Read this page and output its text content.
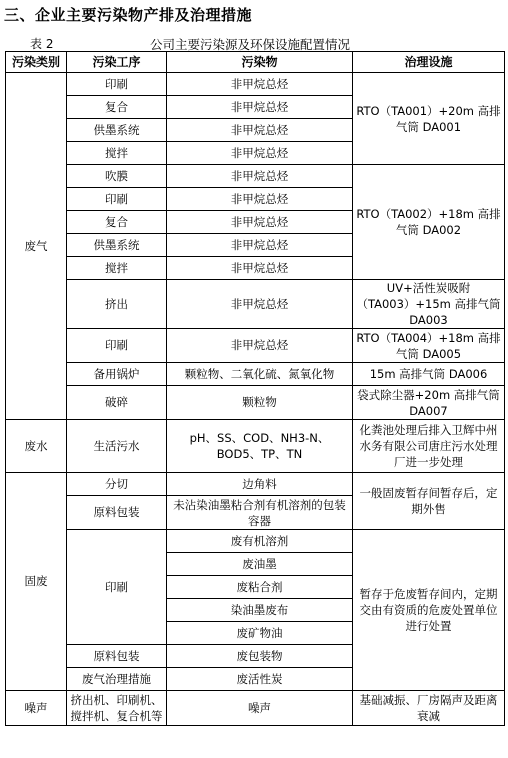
三、企业主要污染物产排及治理措施
表 2	公司主要污染源及环保设施配置情况
污染类别	污染工序	污染物	治理设施
废气	印刷	非甲烷总烃	RTO（TA001）+20m 高排气筒 DA001
	复合	非甲烷总烃	
	供墨系统	非甲烷总烃	
	搅拌	非甲烷总烃	
	吹膜	非甲烷总烃	RTO（TA002）+18m 高排气筒 DA002
	印刷	非甲烷总烃	
	复合	非甲烷总烃	
	供墨系统	非甲烷总烃	
	搅拌	非甲烷总烃	
	挤出	非甲烷总烃	UV+活性炭吸附（TA003）+15m 高排气筒 DA003
	印刷	非甲烷总烃	RTO（TA004）+18m 高排气筒 DA005
	备用锅炉	颗粒物、二氧化硫、氮氧化物	15m 高排气筒 DA006
	破碎	颗粒物	袋式除尘器+20m 高排气筒 DA007
废水	生活污水	pH、SS、COD、NH3-N、BOD5、TP、TN	化粪池处理后排入卫辉中州水务有限公司唐庄污水处理厂进一步处理
固废	分切	边角料	一般固废暂存间暂存后，定期外售
	原料包装	未沾染油墨粘合剂有机溶剂的包装容器	
	印刷	废有机溶剂	暂存于危废暂存间内，定期交由有资质的危废处置单位进行处置
		废油墨	
		废粘合剂	
		染油墨废布	
		废矿物油	
	原料包装	废包装物	
	废气治理措施	废活性炭	
噪声	挤出机、印刷机、搅拌机、复合机等	噪声	基础减振、厂房隔声及距离衰减
